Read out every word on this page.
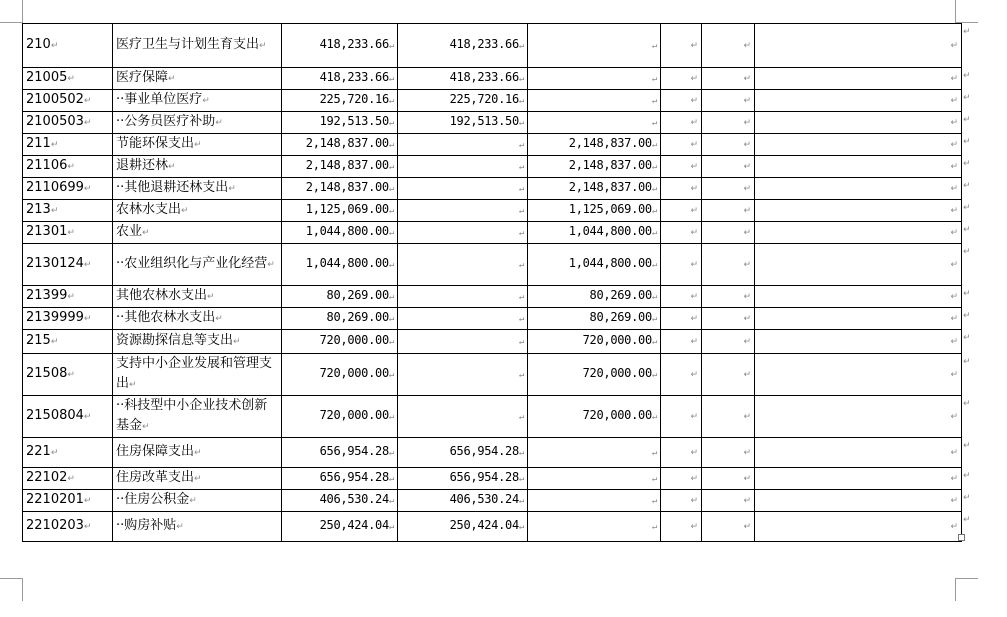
210↵	医疗卫生与计划生育支出↵	418,233.66↵	418,233.66↵	↵	↵	↵	↵
21005↵	医疗保障↵	418,233.66↵	418,233.66↵	↵	↵	↵	↵
2100502↵	··事业单位医疗↵	225,720.16↵	225,720.16↵	↵	↵	↵	↵
2100503↵	··公务员医疗补助↵	192,513.50↵	192,513.50↵	↵	↵	↵	↵
211↵	节能环保支出↵	2,148,837.00↵	↵	2,148,837.00↵	↵	↵	↵
21106↵	退耕还林↵	2,148,837.00↵	↵	2,148,837.00↵	↵	↵	↵
2110699↵	··其他退耕还林支出↵	2,148,837.00↵	↵	2,148,837.00↵	↵	↵	↵
213↵	农林水支出↵	1,125,069.00↵	↵	1,125,069.00↵	↵	↵	↵
21301↵	农业↵	1,044,800.00↵	↵	1,044,800.00↵	↵	↵	↵
2130124↵	··农业组织化与产业化经营↵	1,044,800.00↵	↵	1,044,800.00↵	↵	↵	↵
21399↵	其他农林水支出↵	80,269.00↵	↵	80,269.00↵	↵	↵	↵
2139999↵	··其他农林水支出↵	80,269.00↵	↵	80,269.00↵	↵	↵	↵
215↵	资源勘探信息等支出↵	720,000.00↵	↵	720,000.00↵	↵	↵	↵
21508↵	支持中小企业发展和管理支出↵	720,000.00↵	↵	720,000.00↵	↵	↵	↵
2150804↵	··科技型中小企业技术创新基金↵	720,000.00↵	↵	720,000.00↵	↵	↵	↵
221↵	住房保障支出↵	656,954.28↵	656,954.28↵	↵	↵	↵	↵
22102↵	住房改革支出↵	656,954.28↵	656,954.28↵	↵	↵	↵	↵
2210201↵	··住房公积金↵	406,530.24↵	406,530.24↵	↵	↵	↵	↵
2210203↵	··购房补贴↵	250,424.04↵	250,424.04↵	↵	↵	↵	↵
↵
↵
↵
↵
↵
↵
↵
↵
↵
↵
↵
↵
↵
↵
↵
↵
↵
↵
↵
